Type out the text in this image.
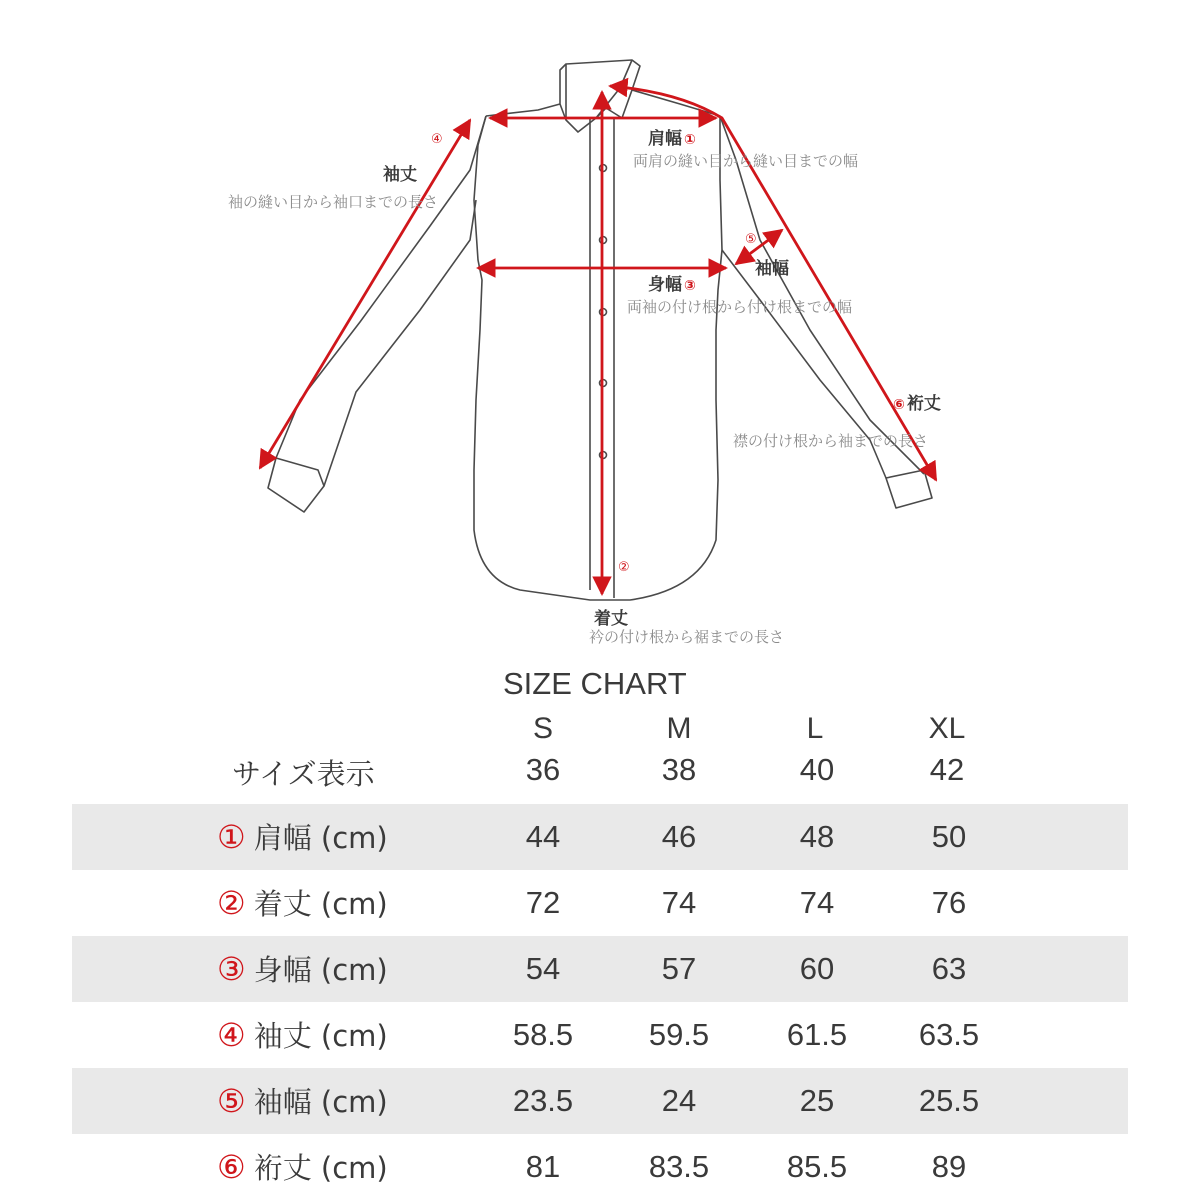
肩幅 ①
両肩の縫い目から縫い目までの幅
②
着丈
衿の付け根から裾までの長さ
身幅 ③
両袖の付け根から付け根までの幅
④
袖丈
袖の縫い目から袖口までの長さ
⑤
袖幅
⑥ 裄丈
襟の付け根から袖までの長さ
SIZE CHART
S	M	L	XL
サイズ表示	36	38	40	42
① 肩幅 (cm)	44	46	48	50
② 着丈 (cm)	72	74	74	76
③ 身幅 (cm)	54	57	60	63
④ 袖丈 (cm)	58.5	59.5	61.5	63.5
⑤ 袖幅 (cm)	23.5	24	25	25.5
⑥ 裄丈 (cm)	81	83.5	85.5	89
